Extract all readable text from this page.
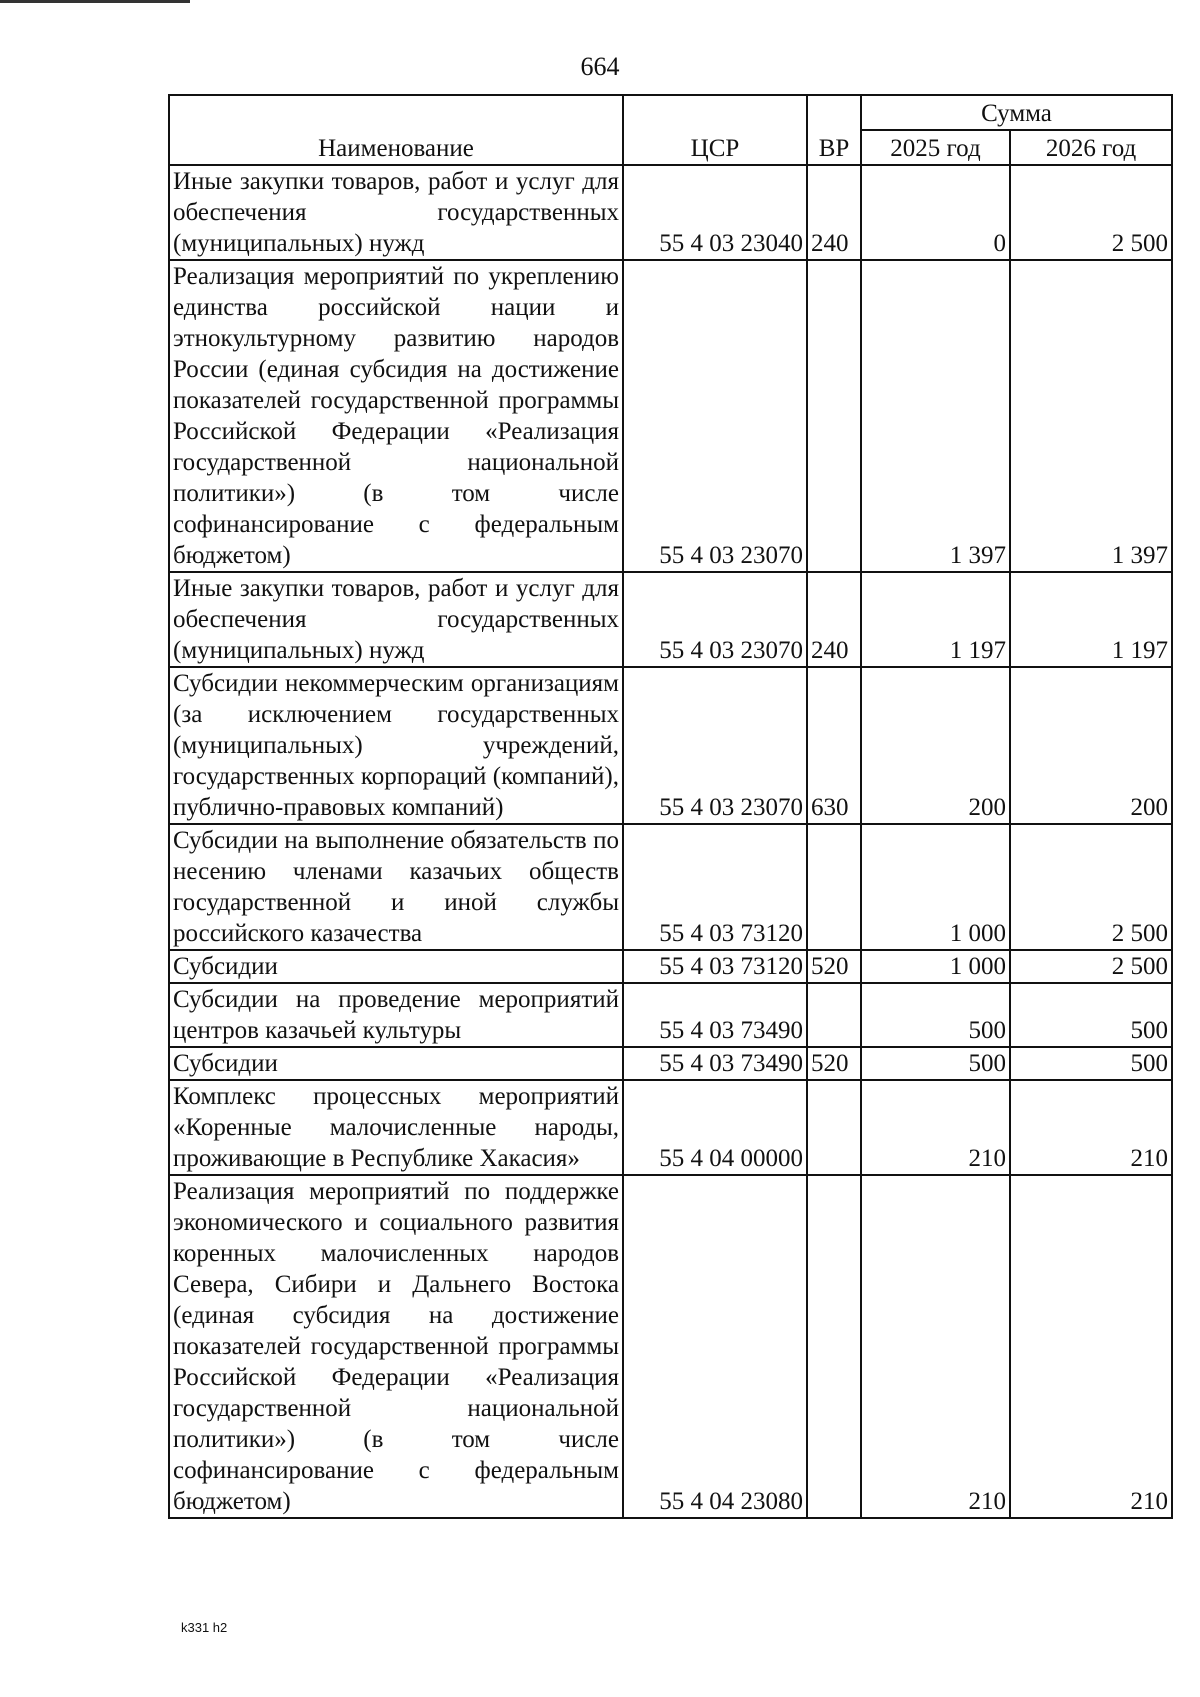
664
Наименование	ЦСР	ВР	Сумма	
			2025 год	2026 год
Иные закупки товаров, работ и услуг для обеспечения государственных (муниципальных) нужд	55 4 03 23040	240	0	2 500
Реализация мероприятий по укреплению единства российской нации и этнокультурному развитию народов России (единая субсидия на достижение показателей государственной программы Российской Федерации «Реализация государственной национальной политики») (в том числе софинансирование с федеральным бюджетом)	55 4 03 23070		1 397	1 397
Иные закупки товаров, работ и услуг для обеспечения государственных (муниципальных) нужд	55 4 03 23070	240	1 197	1 197
Субсидии некоммерческим организациям (за исключением государственных (муниципальных) учреждений, государственных корпораций (компаний), публично-правовых компаний)	55 4 03 23070	630	200	200
Субсидии на выполнение обязательств по несению членами казачьих обществ государственной и иной службы российского казачества	55 4 03 73120		1 000	2 500
Субсидии	55 4 03 73120	520	1 000	2 500
Субсидии на проведение мероприятий центров казачьей культуры	55 4 03 73490		500	500
Субсидии	55 4 03 73490	520	500	500
Комплекс процессных мероприятий «Коренные малочисленные народы, проживающие в Республике Хакасия»	55 4 04 00000		210	210
Реализация мероприятий по поддержке экономического и социального развития коренных малочисленных народов Севера, Сибири и Дальнего Востока (единая субсидия на достижение показателей государственной программы Российской Федерации «Реализация государственной национальной политики») (в том числе софинансирование с федеральным бюджетом)	55 4 04 23080		210	210
k331 h2
